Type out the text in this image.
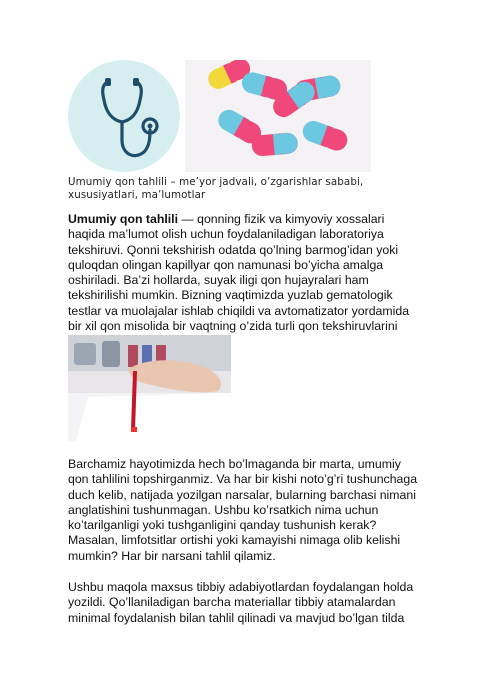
Umumiy qon tahlili – me’yor jadvali, o’zgarishlar sababi, xususiyatlari, ma’lumotlar

Umumiy qon tahlili — qonning fizik va kimyoviy xossalari haqida ma’lumot olish uchun foydalaniladigan laboratoriya tekshiruvi. Qonni tekshirish odatda qo’lning barmog’idan yoki quloqdan olingan kapillyar qon namunasi bo’yicha amalga oshiriladi. Ba’zi hollarda, suyak iligi qon hujayralari ham tekshirilishi mumkin. Bizning vaqtimizda yuzlab gematologik testlar va muolajalar ishlab chiqildi va avtomatizator yordamida bir xil qon misolida bir vaqtning o’zida turli qon tekshiruvlarini

Barchamiz hayotimizda hech bo’lmaganda bir marta, umumiy qon tahlilini topshirganmiz. Va har bir kishi noto’g’ri tushunchaga duch kelib, natijada yozilgan narsalar, bularning barchasi nimani anglatishini tushunmagan. Ushbu ko’rsatkich nima uchun ko’tarilganligi yoki tushganligini qanday tushunish kerak? Masalan, limfotsitlar ortishi yoki kamayishi nimaga olib kelishi mumkin? Har bir narsani tahlil qilamiz.

Ushbu maqola maxsus tibbiy adabiyotlardan foydalangan holda yozildi. Qo’llaniladigan barcha materiallar tibbiy atamalardan minimal foydalanish bilan tahlil qilinadi va mavjud bo’lgan tilda
